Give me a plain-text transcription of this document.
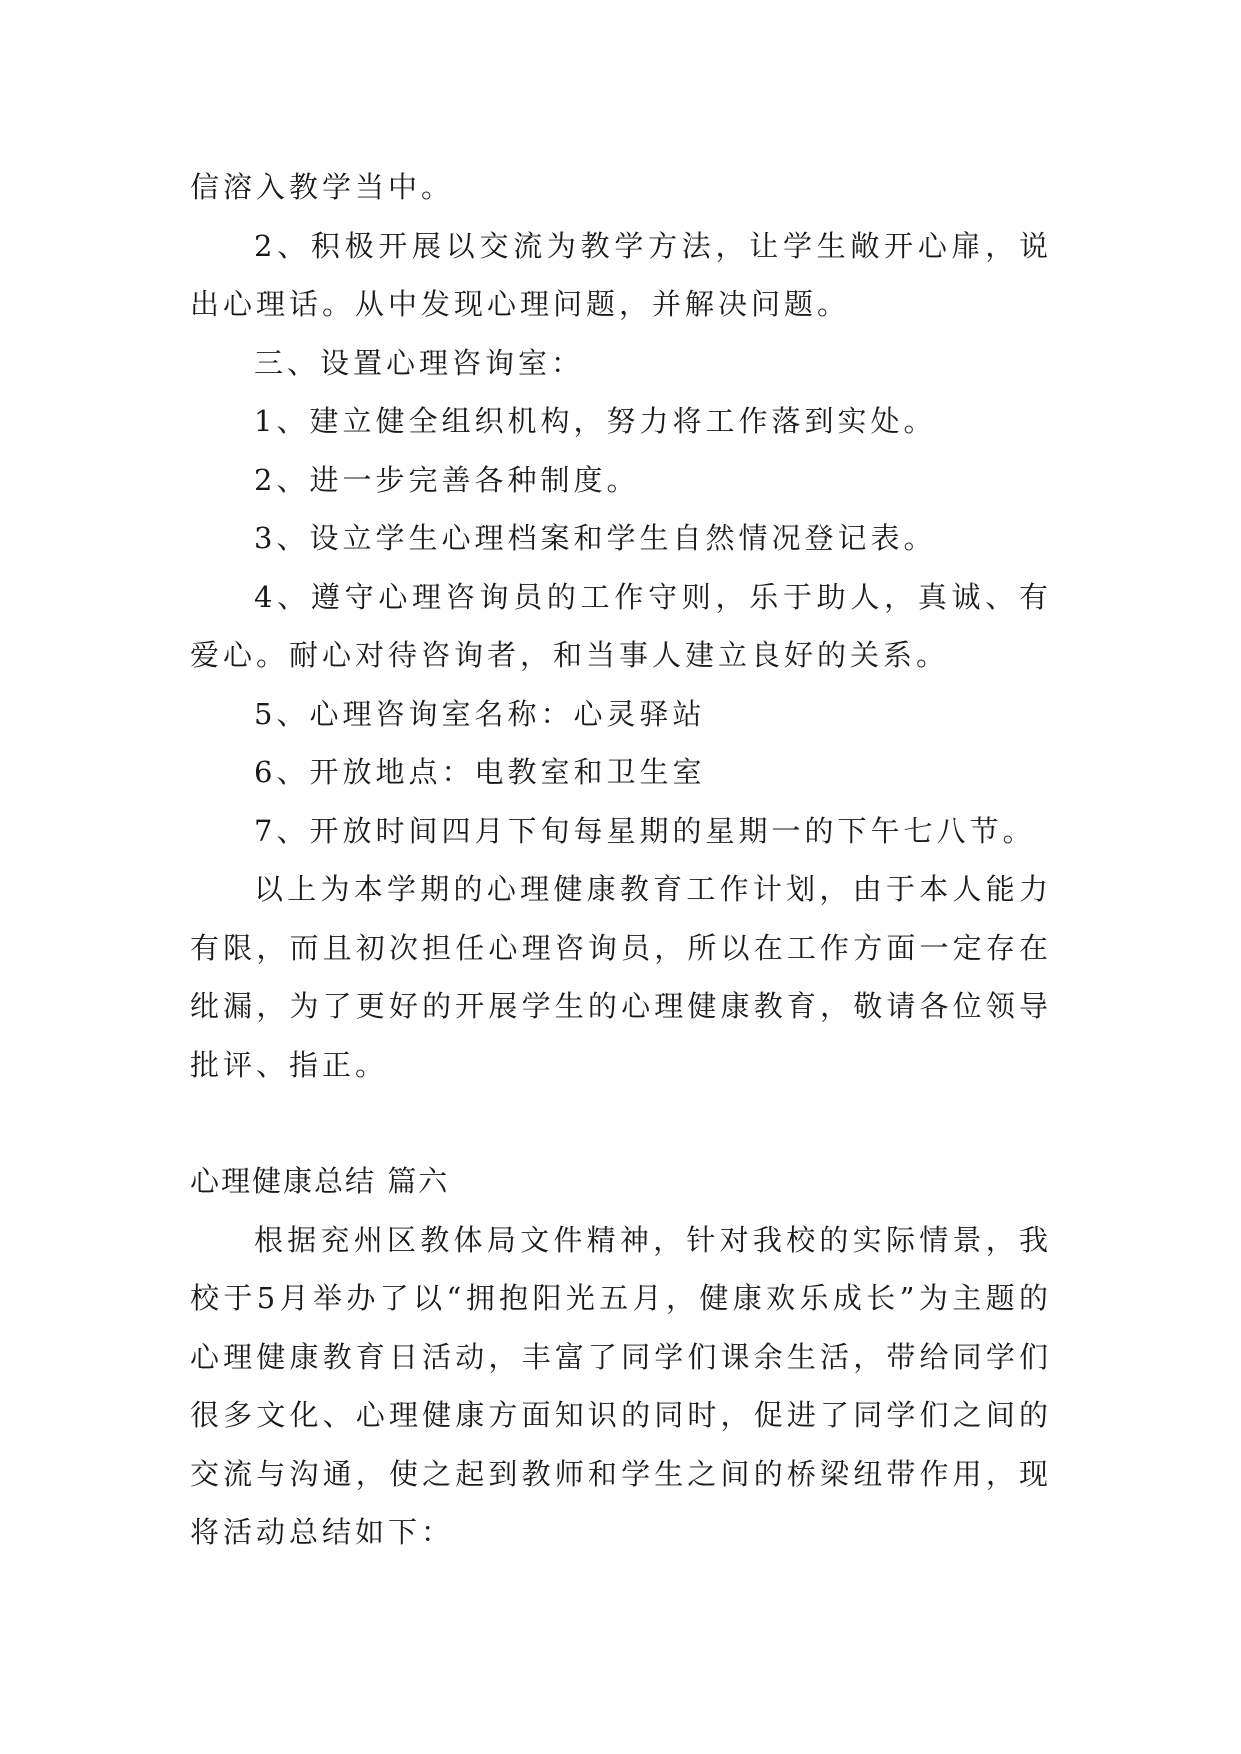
信溶入教学当中。

2、积极开展以交流为教学方法，让学生敞开心扉，说出心理话。从中发现心理问题，并解决问题。

三、设置心理咨询室：

1、建立健全组织机构，努力将工作落到实处。

2、进一步完善各种制度。

3、设立学生心理档案和学生自然情况登记表。

4、遵守心理咨询员的工作守则，乐于助人，真诚、有爱心。耐心对待咨询者，和当事人建立良好的关系。

5、心理咨询室名称：心灵驿站

6、开放地点：电教室和卫生室

7、开放时间四月下旬每星期的星期一的下午七八节。

以上为本学期的心理健康教育工作计划，由于本人能力有限，而且初次担任心理咨询员，所以在工作方面一定存在纰漏，为了更好的开展学生的心理健康教育，敬请各位领导批评、指正。

心理健康总结 篇六

根据兖州区教体局文件精神，针对我校的实际情景，我校于5月举办了以“拥抱阳光五月，健康欢乐成长”为主题的心理健康教育日活动，丰富了同学们课余生活，带给同学们很多文化、心理健康方面知识的同时，促进了同学们之间的交流与沟通，使之起到教师和学生之间的桥梁纽带作用，现将活动总结如下：
